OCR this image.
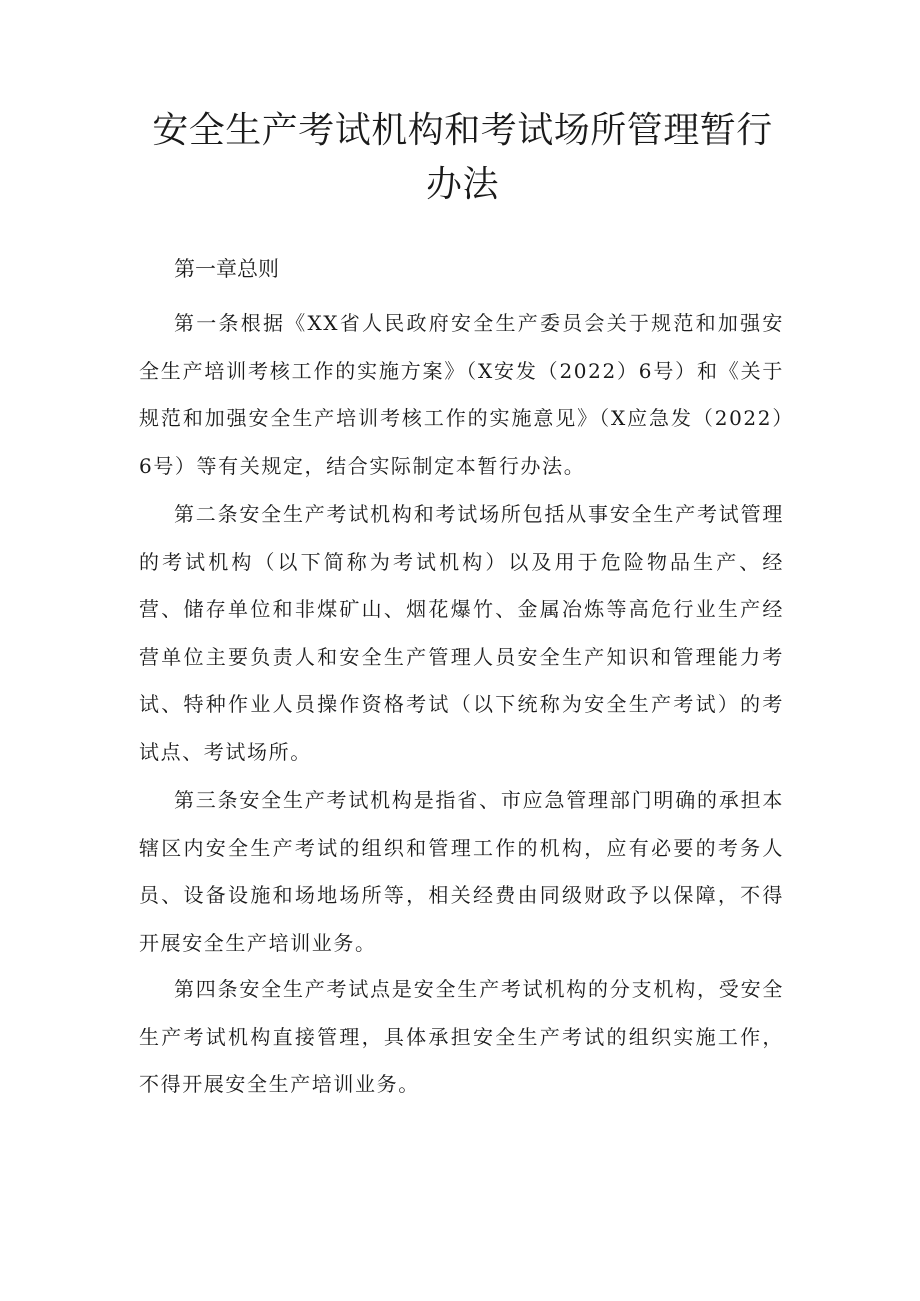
安全生产考试机构和考试场所管理暂行办法
第一章总则

第一条根据《XX省人民政府安全生产委员会关于规范和加强安全生产培训考核工作的实施方案》（X安发（2022）6号）和《关于规范和加强安全生产培训考核工作的实施意见》（X应急发（2022）6号）等有关规定，结合实际制定本暂行办法。

第二条安全生产考试机构和考试场所包括从事安全生产考试管理的考试机构（以下简称为考试机构）以及用于危险物品生产、经营、储存单位和非煤矿山、烟花爆竹、金属冶炼等高危行业生产经营单位主要负责人和安全生产管理人员安全生产知识和管理能力考试、特种作业人员操作资格考试（以下统称为安全生产考试）的考试点、考试场所。

第三条安全生产考试机构是指省、市应急管理部门明确的承担本辖区内安全生产考试的组织和管理工作的机构，应有必要的考务人员、设备设施和场地场所等，相关经费由同级财政予以保障，不得开展安全生产培训业务。

第四条安全生产考试点是安全生产考试机构的分支机构，受安全生产考试机构直接管理，具体承担安全生产考试的组织实施工作，不得开展安全生产培训业务。
